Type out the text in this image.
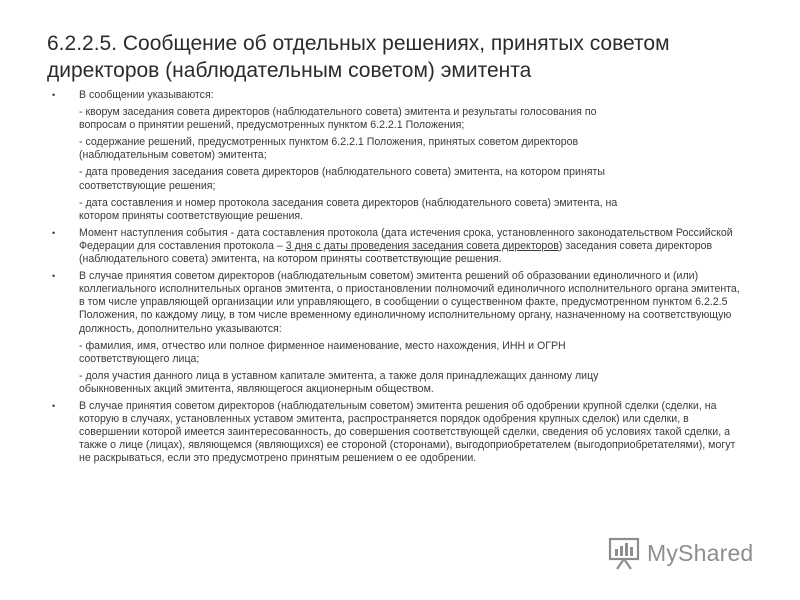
6.2.2.5. Сообщение об отдельных решениях, принятых советом
директоров (наблюдательным советом) эмитента
• В сообщении указываются:

- кворум заседания совета директоров (наблюдательного совета) эмитента и результаты голосования по
вопросам о принятии решений, предусмотренных пунктом 6.2.2.1 Положения;
- содержание решений, предусмотренных пунктом 6.2.2.1 Положения, принятых советом директоров
(наблюдательным советом) эмитента;
- дата проведения заседания совета директоров (наблюдательного совета) эмитента, на котором приняты
соответствующие решения;
- дата составления и номер протокола заседания совета директоров (наблюдательного совета) эмитента, на
котором приняты соответствующие решения.
• Момент наступления события - дата составления протокола (дата истечения срока, установленного законодательством Российской Федерации для составления протокола – 3 дня с даты проведения заседания совета директоров) заседания совета директоров (наблюдательного совета) эмитента, на котором приняты соответствующие решения.

• В случае принятия советом директоров (наблюдательным советом) эмитента решений об образовании единоличного и (или) коллегиального исполнительных органов эмитента, о приостановлении полномочий единоличного исполнительного органа эмитента, в том числе управляющей организации или управляющего, в сообщении о существенном факте, предусмотренном пунктом 6.2.2.5 Положения, по каждому лицу, в том числе временному единоличному исполнительному органу, назначенному на соответствующую должность, дополнительно указываются:

- фамилия, имя, отчество или полное фирменное наименование, место нахождения, ИНН и ОГРН
соответствующего лица;
- доля участия данного лица в уставном капитале эмитента, а также доля принадлежащих данному лицу
обыкновенных акций эмитента, являющегося акционерным обществом.
• В случае принятия советом директоров (наблюдательным советом) эмитента решения об одобрении крупной сделки (сделки, на которую в случаях, установленных уставом эмитента, распространяется порядок одобрения крупных сделок) или сделки, в совершении которой имеется заинтересованность, до совершения соответствующей сделки, сведения об условиях такой сделки, а также о лице (лицах), являющемся (являющихся) ее стороной (сторонами), выгодоприобретателем (выгодоприобретателями), могут не раскрываться, если это предусмотрено принятым решением о ее одобрении.

MyShared
